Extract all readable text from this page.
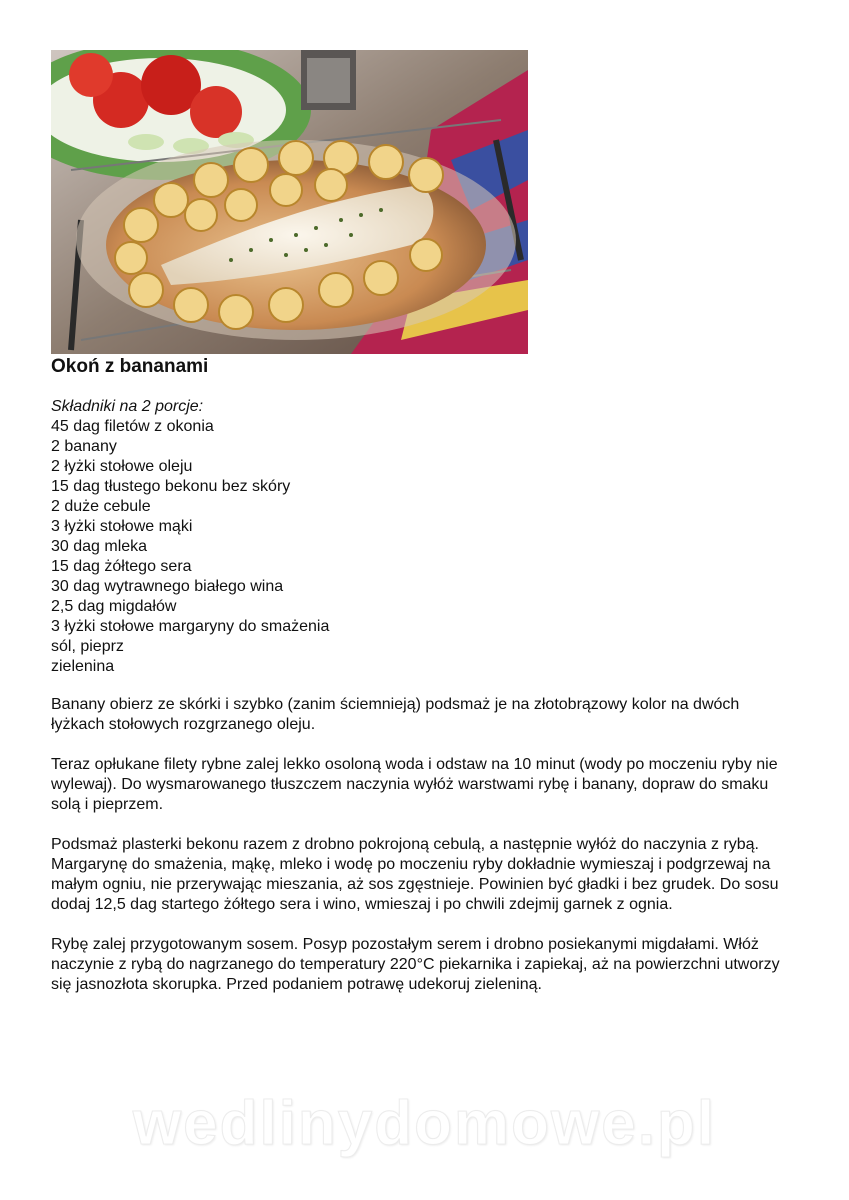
Okoń z bananami
Składniki na 2 porcje:
45 dag filetów z okonia
2 banany
2 łyżki stołowe oleju
15 dag tłustego bekonu bez skóry
2 duże cebule
3 łyżki stołowe mąki
30 dag mleka
15 dag żółtego sera
30 dag wytrawnego białego wina
2,5 dag migdałów
3 łyżki stołowe margaryny do smażenia
sól, pieprz
zielenina

Banany obierz ze skórki i szybko (zanim ściemnieją) podsmaż je na złotobrązowy kolor na dwóch łyżkach stołowych rozgrzanego oleju.

Teraz opłukane filety rybne zalej lekko osoloną woda i odstaw na 10 minut (wody po moczeniu ryby nie wylewaj). Do wysmarowanego tłuszczem naczynia wyłóż warstwami rybę i banany, dopraw do smaku solą i pieprzem.

Podsmaż plasterki bekonu razem z drobno pokrojoną cebulą, a następnie wyłóż do naczynia z rybą. Margarynę do smażenia, mąkę, mleko i wodę po moczeniu ryby dokładnie wymieszaj i podgrzewaj na małym ogniu, nie przerywając mieszania, aż sos zgęstnieje. Powinien być gładki i bez grudek. Do sosu dodaj 12,5 dag startego żółtego sera i wino, wmieszaj i po chwili zdejmij garnek z ognia.

Rybę zalej przygotowanym sosem. Posyp pozostałym serem i drobno posiekanymi migdałami. Włóż naczynie z rybą do nagrzanego do temperatury 220°C piekarnika i zapiekaj, aż na powierzchni utworzy się jasnozłota skorupka. Przed podaniem potrawę udekoruj zieleniną.

wedlinydomowe.pl
